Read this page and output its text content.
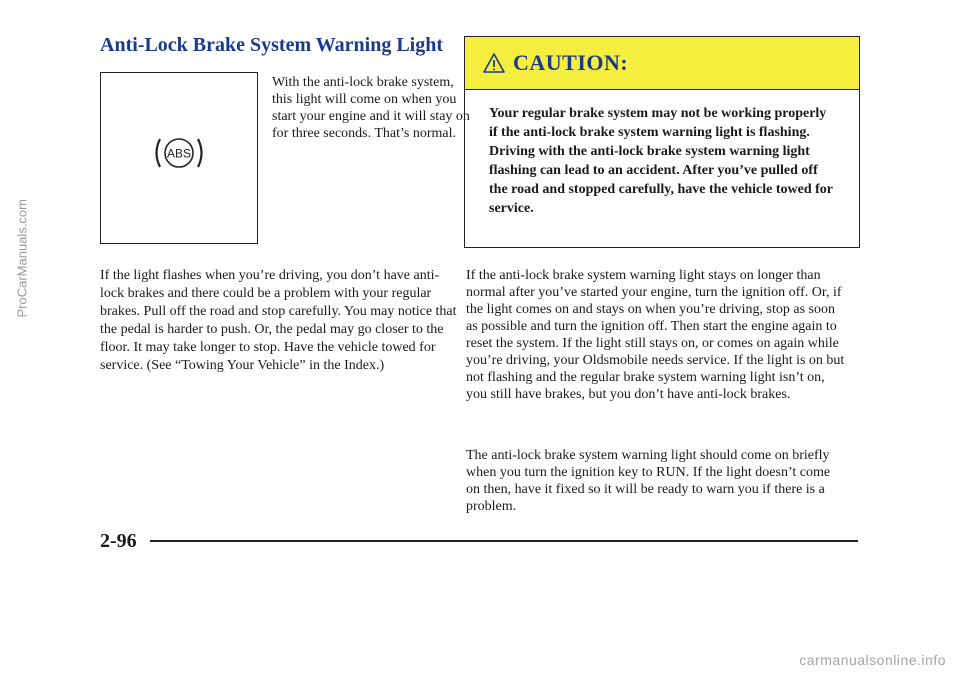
Anti-Lock Brake System Warning Light
ABS

With the anti-lock brake system, this light will come on when you start your engine and it will stay on for three seconds. That’s normal.

If the light flashes when you’re driving, you don’t have anti-lock brakes and there could be a problem with your regular brakes. Pull off the road and stop carefully. You may notice that the pedal is harder to push. Or, the pedal may go closer to the floor. It may take longer to stop. Have the vehicle towed for service. (See “Towing Your Vehicle” in the Index.)

CAUTION:

Your regular brake system may not be working properly if the anti-lock brake system warning light is flashing. Driving with the anti-lock brake system warning light flashing can lead to an accident. After you’ve pulled off the road and stopped carefully, have the vehicle towed for service.

If the anti-lock brake system warning light stays on longer than normal after you’ve started your engine, turn the ignition off. Or, if the light comes on and stays on when you’re driving, stop as soon as possible and turn the ignition off. Then start the engine again to reset the system. If the light still stays on, or comes on again while you’re driving, your Oldsmobile needs service. If the light is on but not flashing and the regular brake system warning light isn’t on, you still have brakes, but you don’t have anti-lock brakes.

The anti-lock brake system warning light should come on briefly when you turn the ignition key to RUN. If the light doesn’t come on then, have it fixed so it will be ready to warn you if there is a problem.

2-96

ProCarManuals.com
carmanualsonline.info
